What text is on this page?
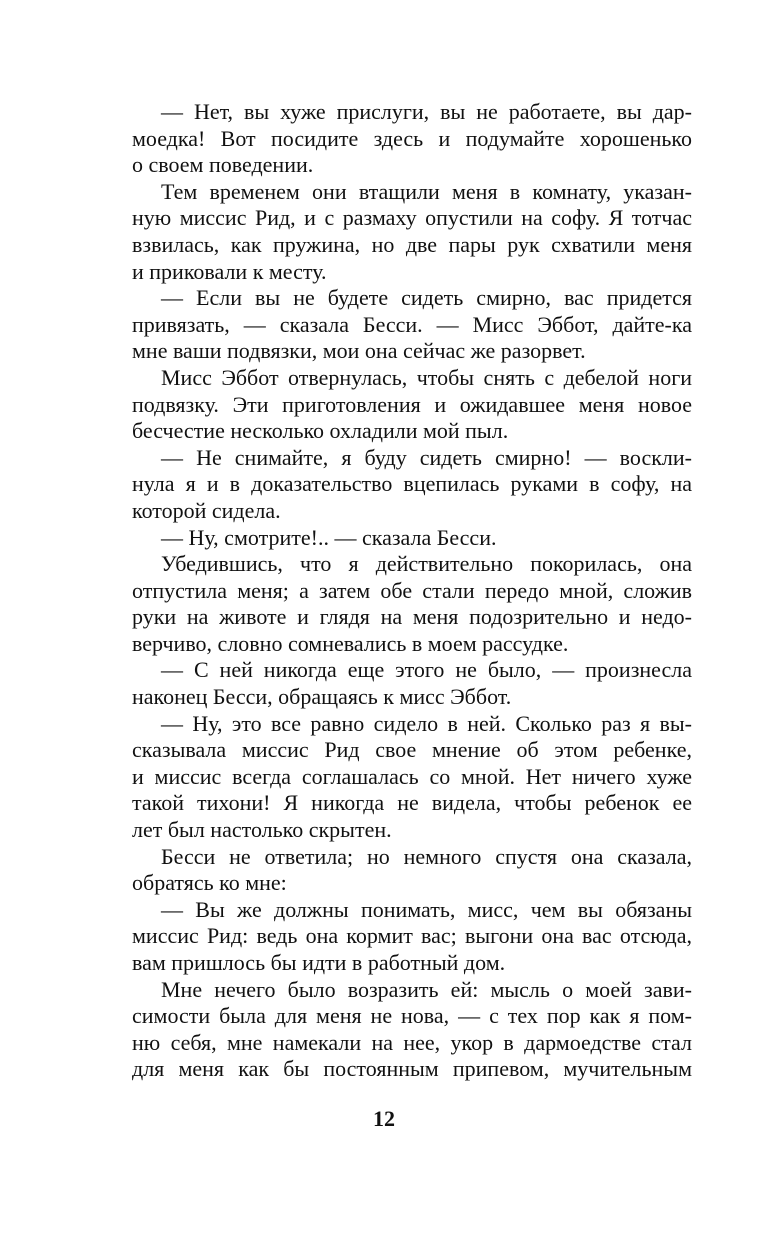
— Нет, вы хуже прислуги, вы не работаете, вы дар-
моедка! Вот посидите здесь и подумайте хорошенько
о своем поведении.
Тем временем они втащили меня в комнату, указан-
ную миссис Рид, и с размаху опустили на софу. Я тотчас
взвилась, как пружина, но две пары рук схватили меня
и приковали к месту.
— Если вы не будете сидеть смирно, вас придется
привязать, — сказала Бесси. — Мисс Эббот, дайте-ка
мне ваши подвязки, мои она сейчас же разорвет.
Мисс Эббот отвернулась, чтобы снять с дебелой ноги
подвязку. Эти приготовления и ожидавшее меня новое
бесчестие несколько охладили мой пыл.
— Не снимайте, я буду сидеть смирно! — воскли-
нула я и в доказательство вцепилась руками в софу, на
которой сидела.
— Ну, смотрите!.. — сказала Бесси.
Убедившись, что я действительно покорилась, она
отпустила меня; а затем обе стали передо мной, сложив
руки на животе и глядя на меня подозрительно и недо-
верчиво, словно сомневались в моем рассудке.
— С ней никогда еще этого не было, — произнесла
наконец Бесси, обращаясь к мисс Эббот.
— Ну, это все равно сидело в ней. Сколько раз я вы-
сказывала миссис Рид свое мнение об этом ребенке,
и миссис всегда соглашалась со мной. Нет ничего хуже
такой тихони! Я никогда не видела, чтобы ребенок ее
лет был настолько скрытен.
Бесси не ответила; но немного спустя она сказала,
обратясь ко мне:
— Вы же должны понимать, мисс, чем вы обязаны
миссис Рид: ведь она кормит вас; выгони она вас отсюда,
вам пришлось бы идти в работный дом.
Мне нечего было возразить ей: мысль о моей зави-
симости была для меня не нова, — с тех пор как я пом-
ню себя, мне намекали на нее, укор в дармоедстве стал
для меня как бы постоянным припевом, мучительным
12
